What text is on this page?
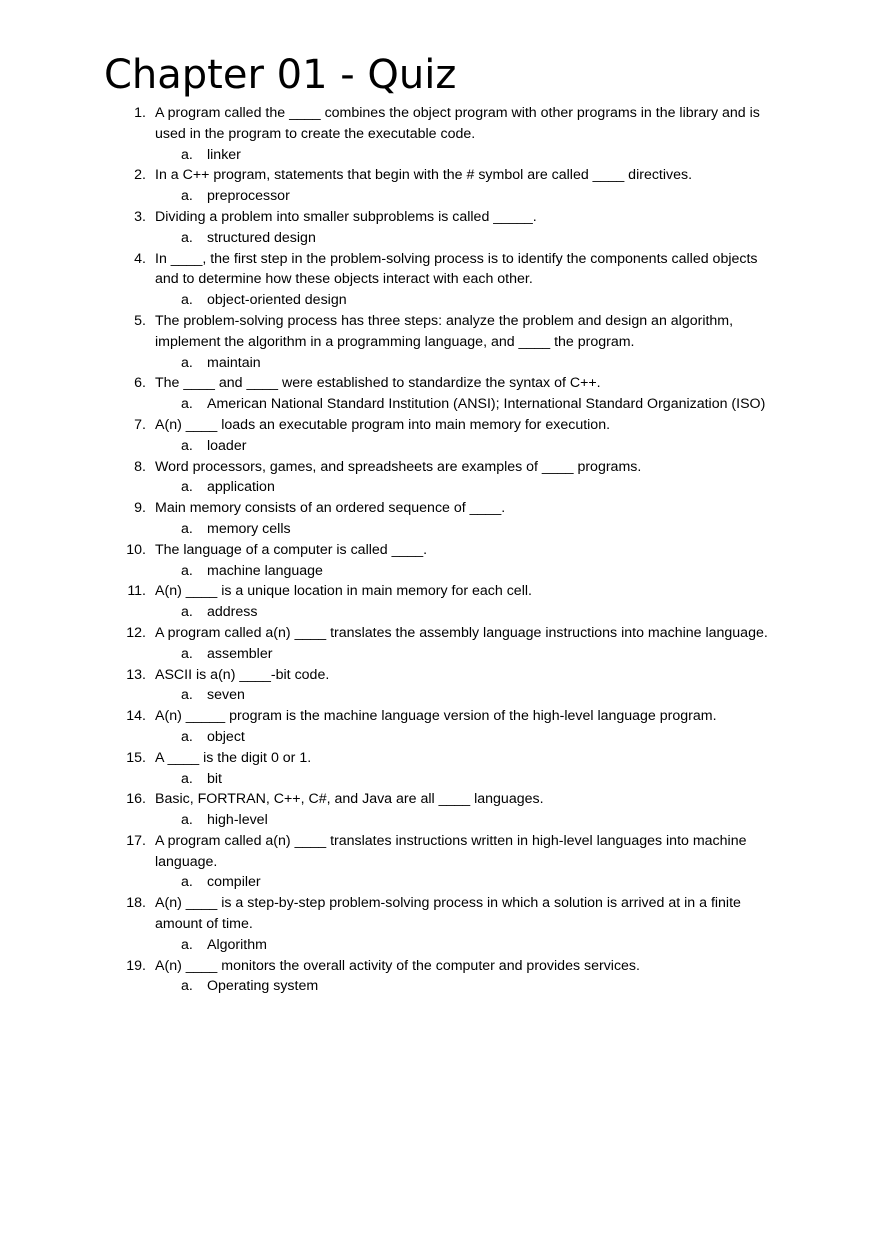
Chapter 01 - Quiz
1. A program called the ____ combines the object program with other programs in the library and is used in the program to create the executable code.
a. linker
2. In a C++ program, statements that begin with the # symbol are called ____ directives.
a. preprocessor
3. Dividing a problem into smaller subproblems is called _____.
a. structured design
4. In ____, the first step in the problem-solving process is to identify the components called objects and to determine how these objects interact with each other.
a. object-oriented design
5. The problem-solving process has three steps: analyze the problem and design an algorithm, implement the algorithm in a programming language, and ____ the program.
a. maintain
6. The ____ and ____ were established to standardize the syntax of C++.
a. American National Standard Institution (ANSI); International Standard Organization (ISO)
7. A(n) ____ loads an executable program into main memory for execution.
a. loader
8. Word processors, games, and spreadsheets are examples of ____ programs.
a. application
9. Main memory consists of an ordered sequence of ____.
a. memory cells
10. The language of a computer is called ____.
a. machine language
11. A(n) ____ is a unique location in main memory for each cell.
a. address
12. A program called a(n) ____ translates the assembly language instructions into machine language.
a. assembler
13. ASCII is a(n) ____-bit code.
a. seven
14. A(n) _____ program is the machine language version of the high-level language program.
a. object
15. A ____ is the digit 0 or 1.
a. bit
16. Basic, FORTRAN, C++, C#, and Java are all ____ languages.
a. high-level
17. A program called a(n) ____ translates instructions written in high-level languages into machine language.
a. compiler
18. A(n) ____ is a step-by-step problem-solving process in which a solution is arrived at in a finite amount of time.
a. Algorithm
19. A(n) ____ monitors the overall activity of the computer and provides services.
a. Operating system
